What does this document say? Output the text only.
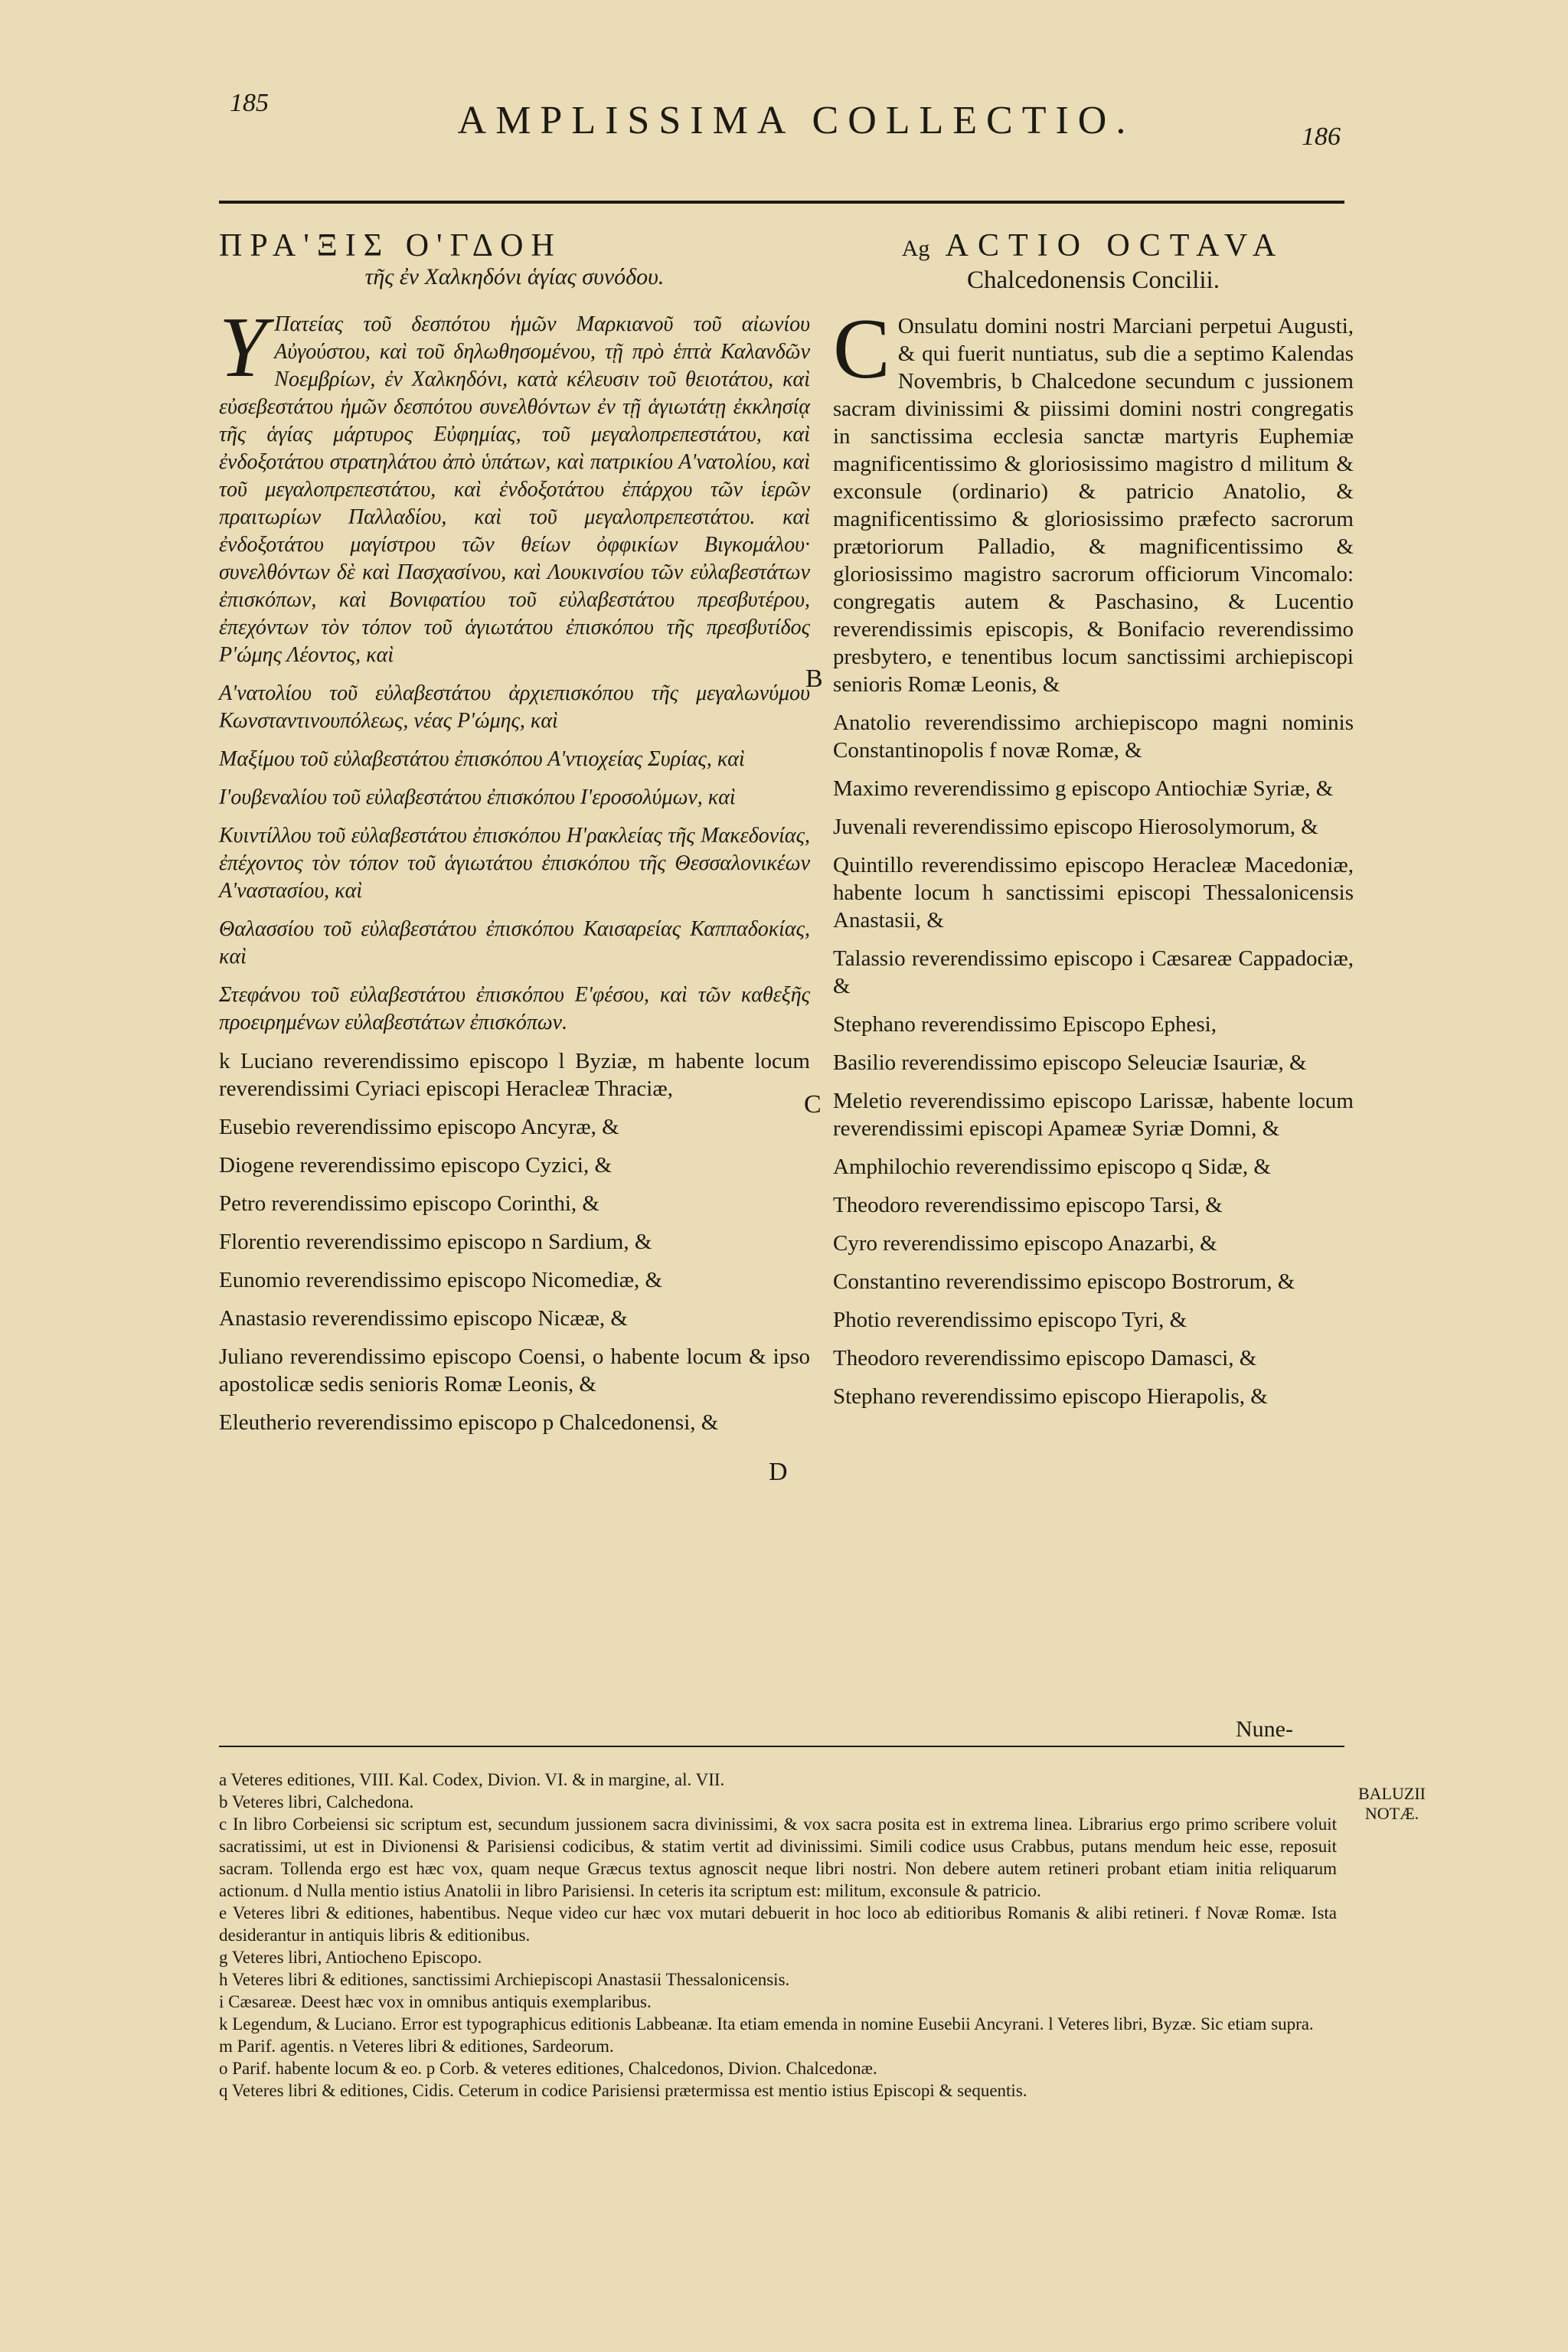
185	AMPLISSIMA COLLECTIO.	186
ΠΡΑ'ΞΙΣ Ο'ΓΔΟΗ

τῆς ἐν Χαλκηδόνι ἁγίας συνόδου.

Υ Πατείας τοῦ δεσπότου ἡμῶν Μαρκιανοῦ τοῦ αἰωνίου Αὐγούστου, καὶ τοῦ δηλωθησομένου, τῇ πρὸ ἑπτὰ Καλανδῶν Νοεμβρίων, ἐν Χαλκηδόνι, κατὰ κέλευσιν τοῦ θειοτάτου, καὶ εὐσεβεστάτου ἡμῶν δεσπότου συνελθόντων ἐν τῇ ἁγιωτάτῃ ἐκκλησίᾳ τῆς ἁγίας μάρτυρος Εὐφημίας, τοῦ μεγαλοπρεπεστάτου, καὶ ἐνδοξοτάτου στρατηλάτου ἀπὸ ὑπάτων, καὶ πατρικίου Α'νατολίου, καὶ τοῦ μεγαλοπρεπεστάτου, καὶ ἐνδοξοτάτου ἐπάρχου τῶν ἱερῶν πραιτωρίων Παλλαδίου, καὶ τοῦ μεγαλοπρεπεστάτου. καὶ ἐνδοξοτάτου μαγίστρου τῶν θείων ὀφφικίων Βιγκομάλου· συνελθόντων δὲ καὶ Πασχασίνου, καὶ Λουκινσίου τῶν εὐλαβεστάτων ἐπισκόπων, καὶ Βονιφατίου τοῦ εὐλαβεστάτου πρεσβυτέρου, ἐπεχόντων τὸν τόπον τοῦ ἁγιωτάτου ἐπισκόπου τῆς πρεσβυτίδος Ρ'ώμης Λέοντος, καὶ

Α'νατολίου τοῦ εὐλαβεστάτου ἀρχιεπισκόπου τῆς μεγαλωνύμου Κωνσταντινουπόλεως, νέας Ρ'ώμης, καὶ

Μαξίμου τοῦ εὐλαβεστάτου ἐπισκόπου Α'ντιοχείας Συρίας, καὶ

Ι'ουβεναλίου τοῦ εὐλαβεστάτου ἐπισκόπου Ι'εροσολύμων, καὶ

Κυιντίλλου τοῦ εὐλαβεστάτου ἐπισκόπου Η'ρακλείας τῆς Μακεδονίας, ἐπέχοντος τὸν τόπον τοῦ ἁγιωτάτου ἐπισκόπου τῆς Θεσσαλονικέων Α'ναστασίου, καὶ

Θαλασσίου τοῦ εὐλαβεστάτου ἐπισκόπου Καισαρείας Καππαδοκίας, καὶ

Στεφάνου τοῦ εὐλαβεστάτου ἐπισκόπου Ε'φέσου, καὶ τῶν καθεξῆς προειρημένων εὐλαβεστάτων ἐπισκόπων.

k Luciano reverendissimo episcopo l Byziæ, m habente locum reverendissimi Cyriaci episcopi Heracleæ Thraciæ,

Eusebio reverendissimo episcopo Ancyræ, &

Diogene reverendissimo episcopo Cyzici, &

Petro reverendissimo episcopo Corinthi, &

Florentio reverendissimo episcopo n Sardium, &

Eunomio reverendissimo episcopo Nicomediæ, &

Anastasio reverendissimo episcopo Nicææ, &

Juliano reverendissimo episcopo Coensi, o habente locum & ipso apostolicæ sedis senioris Romæ Leonis, &

Eleutherio reverendissimo episcopo p Chalcedonensi, &

Ag ACTIO OCTAVA

Chalcedonensis Concilii.

C Onsulatu domini nostri Marciani perpetui Augusti, & qui fuerit nuntiatus, sub die a septimo Kalendas Novembris, b Chalcedone secundum c jussionem sacram divinissimi & piissimi domini nostri congregatis in sanctissima ecclesia sanctæ martyris Euphemiæ magnificentissimo & gloriosissimo magistro d militum & exconsule (ordinario) & patricio Anatolio, & magnificentissimo & gloriosissimo præfecto sacrorum prætoriorum Palladio, & magnificentissimo & gloriosissimo magistro sacrorum officiorum Vincomalo: congregatis autem & Paschasino, & Lucentio reverendissimis episcopis, & Bonifacio reverendissimo presbytero, e tenentibus locum sanctissimi archiepiscopi senioris Romæ Leonis, &

Anatolio reverendissimo archiepiscopo magni nominis Constantinopolis f novæ Romæ, &

Maximo reverendissimo g episcopo Antiochiæ Syriæ, &

Juvenali reverendissimo episcopo Hierosolymorum, &

Quintillo reverendissimo episcopo Heracleæ Macedoniæ, habente locum h sanctissimi episcopi Thessalonicensis Anastasii, &

Talassio reverendissimo episcopo i Cæsareæ Cappadociæ, &

Stephano reverendissimo Episcopo Ephesi,

Basilio reverendissimo episcopo Seleuciæ Isauriæ, &

Meletio reverendissimo episcopo Larissæ, habente locum reverendissimi episcopi Apameæ Syriæ Domni, &

Amphilochio reverendissimo episcopo q Sidæ, &

Theodoro reverendissimo episcopo Tarsi, &

Cyro reverendissimo episcopo Anazarbi, &

Constantino reverendissimo episcopo Bostrorum, &

Photio reverendissimo episcopo Tyri, &

Theodoro reverendissimo episcopo Damasci, &

Stephano reverendissimo episcopo Hierapolis, &

B
C
D
Nune-

a Veteres editiones, VIII. Kal. Codex, Divion. VI. & in margine, al. VII.

b Veteres libri, Calchedona.

c In libro Corbeiensi sic scriptum est, secundum jussionem sacra divinissimi, & vox sacra posita est in extrema linea. Librarius ergo primo scribere voluit sacratissimi, ut est in Divionensi & Parisiensi codicibus, & statim vertit ad divinissimi. Simili codice usus Crabbus, putans mendum heic esse, reposuit sacram. Tollenda ergo est hæc vox, quam neque Græcus textus agnoscit neque libri nostri. Non debere autem retineri probant etiam initia reliquarum actionum. d Nulla mentio istius Anatolii in libro Parisiensi. In ceteris ita scriptum est: militum, exconsule & patricio.

e Veteres libri & editiones, habentibus. Neque video cur hæc vox mutari debuerit in hoc loco ab editioribus Romanis & alibi retineri. f Novæ Romæ. Ista desiderantur in antiquis libris & editionibus.

g Veteres libri, Antiocheno Episcopo.

h Veteres libri & editiones, sanctissimi Archiepiscopi Anastasii Thessalonicensis.

i Cæsareæ. Deest hæc vox in omnibus antiquis exemplaribus.

k Legendum, & Luciano. Error est typographicus editionis Labbeanæ. Ita etiam emenda in nomine Eusebii Ancyrani. l Veteres libri, Byzæ. Sic etiam supra.

m Parif. agentis. n Veteres libri & editiones, Sardeorum.

o Parif. habente locum & eo. p Corb. & veteres editiones, Chalcedonos, Divion. Chalcedonæ.

q Veteres libri & editiones, Cidis. Ceterum in codice Parisiensi prætermissa est mentio istius Episcopi & sequentis.

BALUZII NOTÆ.
